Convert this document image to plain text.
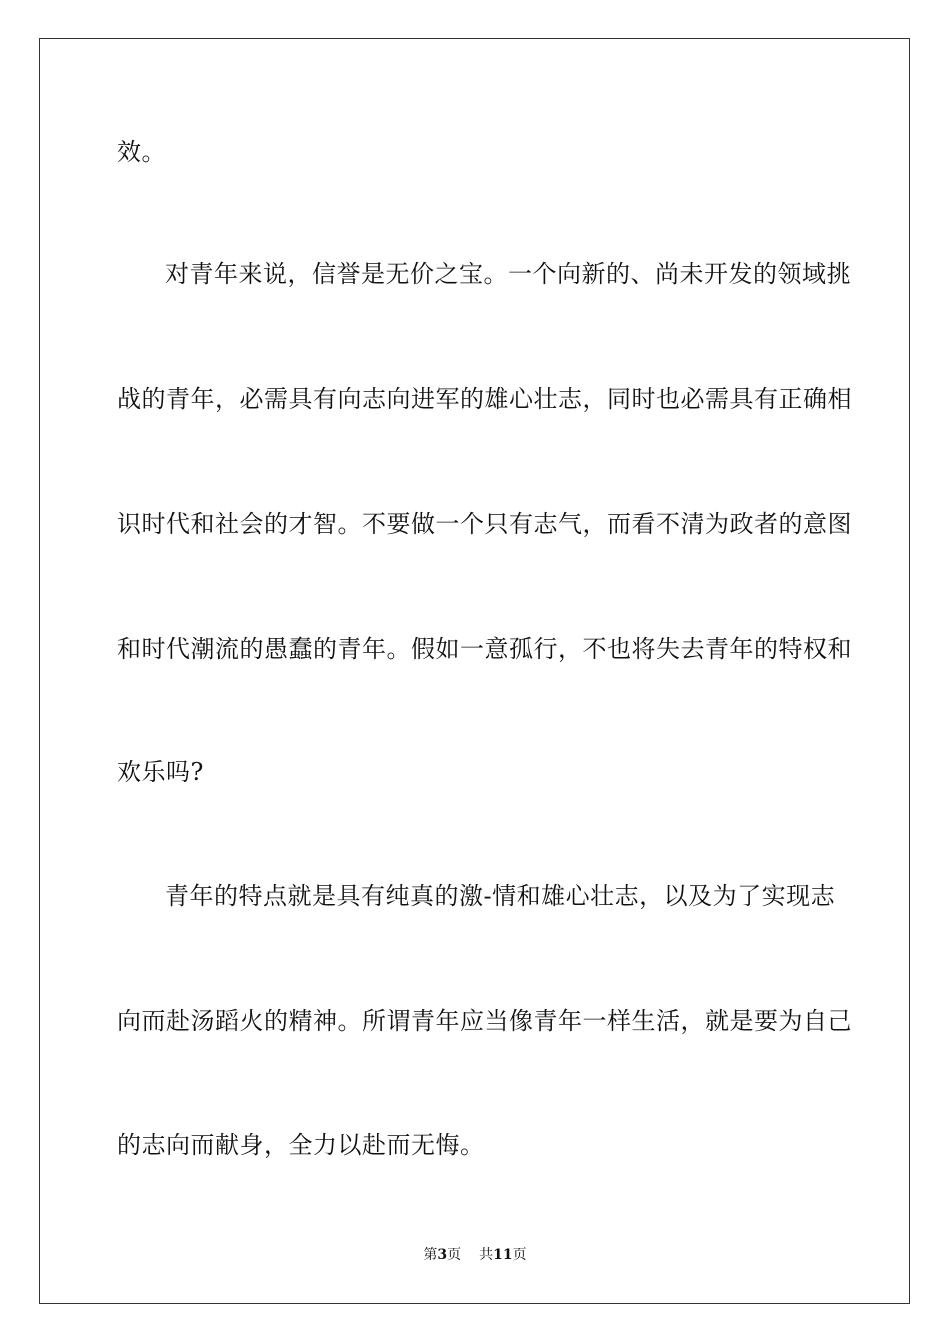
效。
对青年来说，信誉是无价之宝。一个向新的、尚未开发的领域挑
战的青年，必需具有向志向进军的雄心壮志，同时也必需具有正确相
识时代和社会的才智。不要做一个只有志气，而看不清为政者的意图
和时代潮流的愚蠢的青年。假如一意孤行，不也将失去青年的特权和
欢乐吗?
青年的特点就是具有纯真的激-情和雄心壮志，以及为了实现志
向而赴汤蹈火的精神。所谓青年应当像青年一样生活，就是要为自己
的志向而献身，全力以赴而无悔。
第3页 共11页
